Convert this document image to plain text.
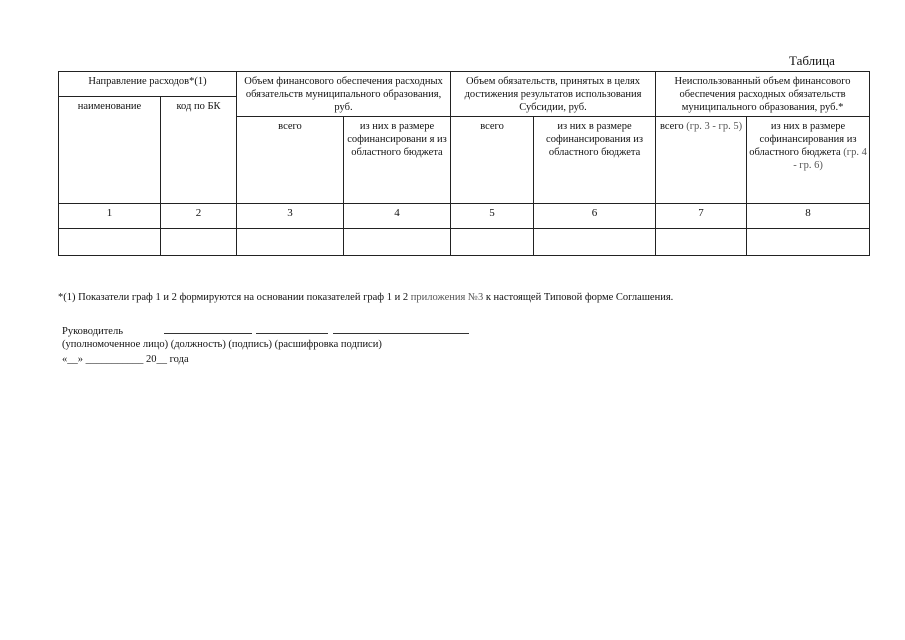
Таблица
Направление расходов*(1)		Объем финансового обеспечения расходных обязательств муниципального образования, руб.		Объем обязательств, принятых в целях достижения результатов использования Субсидии, руб.		Неиспользованный объем финансового обеспечения расходных обязательств муниципального образования, руб.*	
наименование	код по БК						
		всего	из них в размере софинансировани я из областного бюджета	всего	из них в размере софинансирования из областного бюджета	всего (гр. 3 - гр. 5)	из них в размере софинансирования из областного бюджета (гр. 4 - гр. 6)
1	2	3	4	5	6	7	8

*(1) Показатели граф 1 и 2 формируются на основании показателей граф 1 и 2 приложения №3 к настоящей Типовой форме Соглашения.
Руководитель
(уполномоченное лицо) (должность) (подпись) (расшифровка подписи)
«__» ___________ 20__ года
